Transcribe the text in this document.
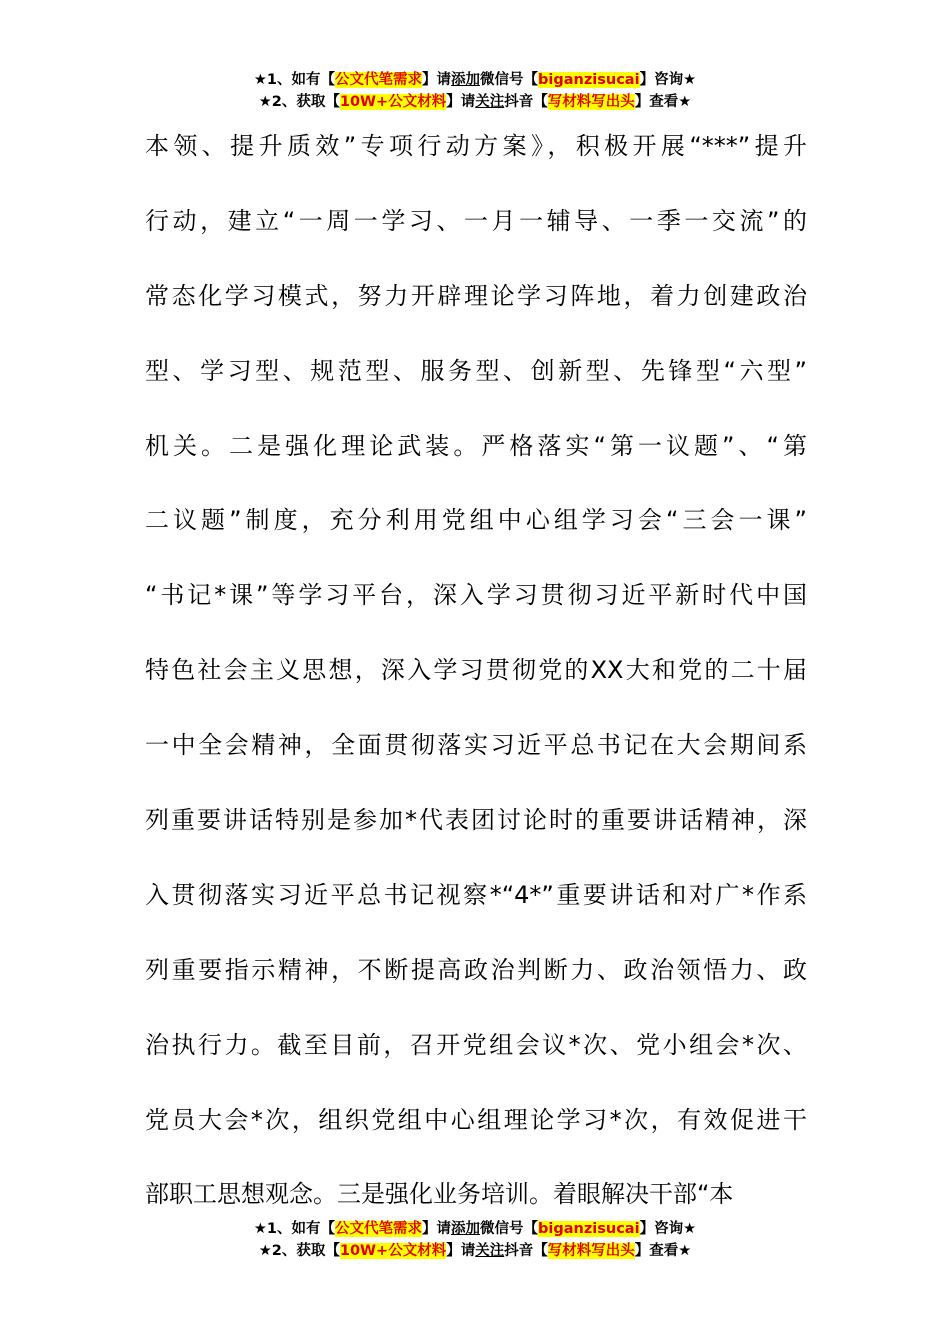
★1、如有【公文代笔需求】请添加微信号【biganzisucai】咨询★
★2、获取【10W+公文材料】请关注抖音【写材料写出头】查看★
本领、提升质效”专项行动方案》，积极开展“***”提升
行动，建立“一周一学习、一月一辅导、一季一交流”的
常态化学习模式，努力开辟理论学习阵地，着力创建政治
型、学习型、规范型、服务型、创新型、先锋型“六型”
机关。二是强化理论武装。严格落实“第一议题”、“第
二议题”制度，充分利用党组中心组学习会“三会一课”
“书记*课”等学习平台，深入学习贯彻习近平新时代中国
特色社会主义思想，深入学习贯彻党的XX大和党的二十届
一中全会精神，全面贯彻落实习近平总书记在大会期间系
列重要讲话特别是参加*代表团讨论时的重要讲话精神，深
入贯彻落实习近平总书记视察*“4*”重要讲话和对广*作系
列重要指示精神，不断提高政治判断力、政治领悟力、政
治执行力。截至目前，召开党组会议*次、党小组会*次、
党员大会*次，组织党组中心组理论学习*次，有效促进干
部职工思想观念。三是强化业务培训。着眼解决干部“本
★1、如有【公文代笔需求】请添加微信号【biganzisucai】咨询★
★2、获取【10W+公文材料】请关注抖音【写材料写出头】查看★
